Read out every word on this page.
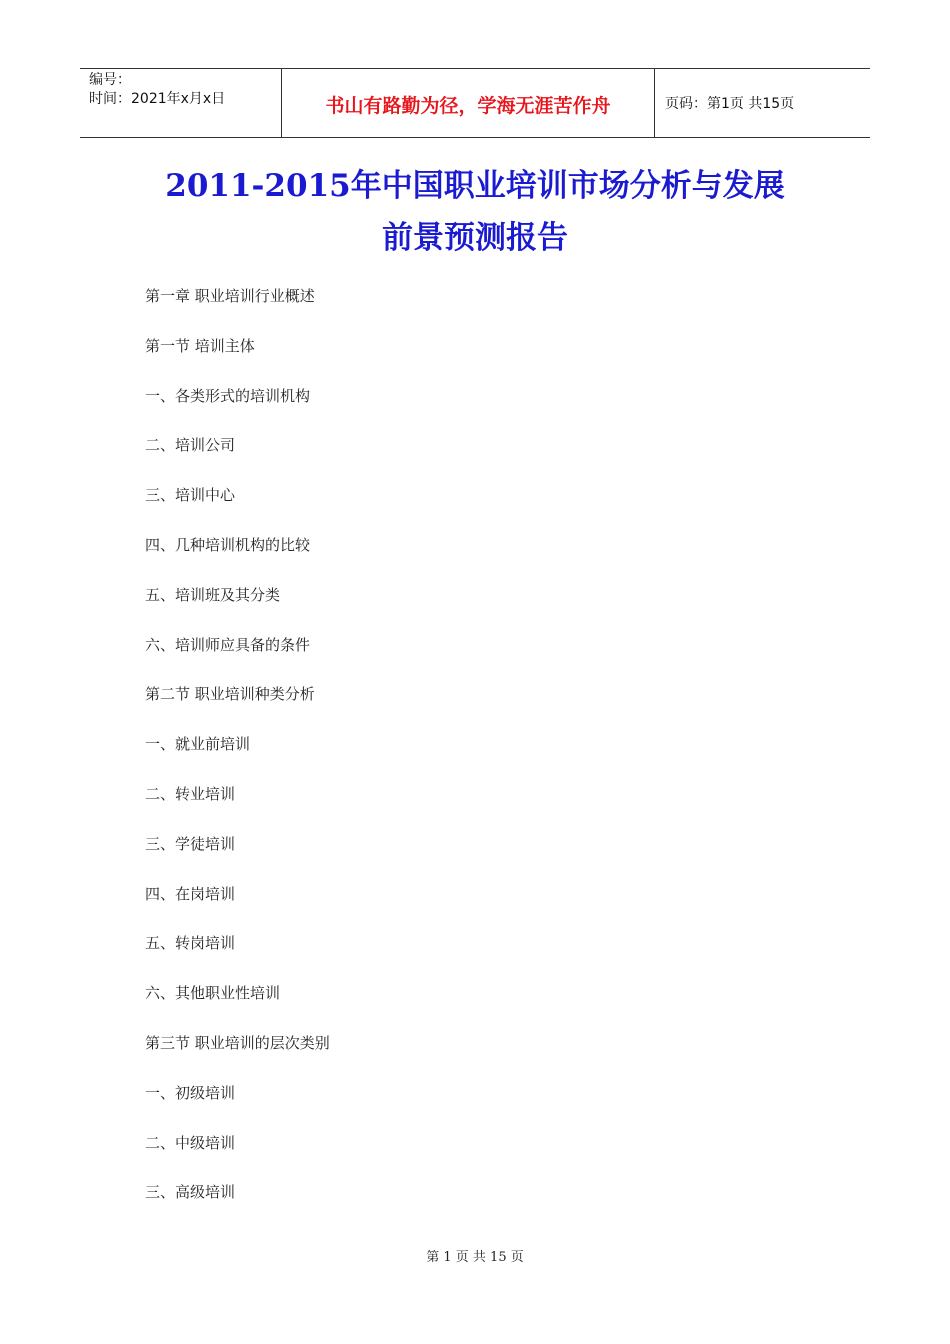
编号：
时间：2021年x月x日	书山有路勤为径，学海无涯苦作舟	页码：第1页 共15页
2011-2015年中国职业培训市场分析与发展
前景预测报告
第一章 职业培训行业概述
第一节 培训主体
一、各类形式的培训机构
二、培训公司
三、培训中心
四、几种培训机构的比较
五、培训班及其分类
六、培训师应具备的条件
第二节 职业培训种类分析
一、就业前培训
二、转业培训
三、学徒培训
四、在岗培训
五、转岗培训
六、其他职业性培训
第三节 职业培训的层次类别
一、初级培训
二、中级培训
三、高级培训
第 1 页 共 15 页
